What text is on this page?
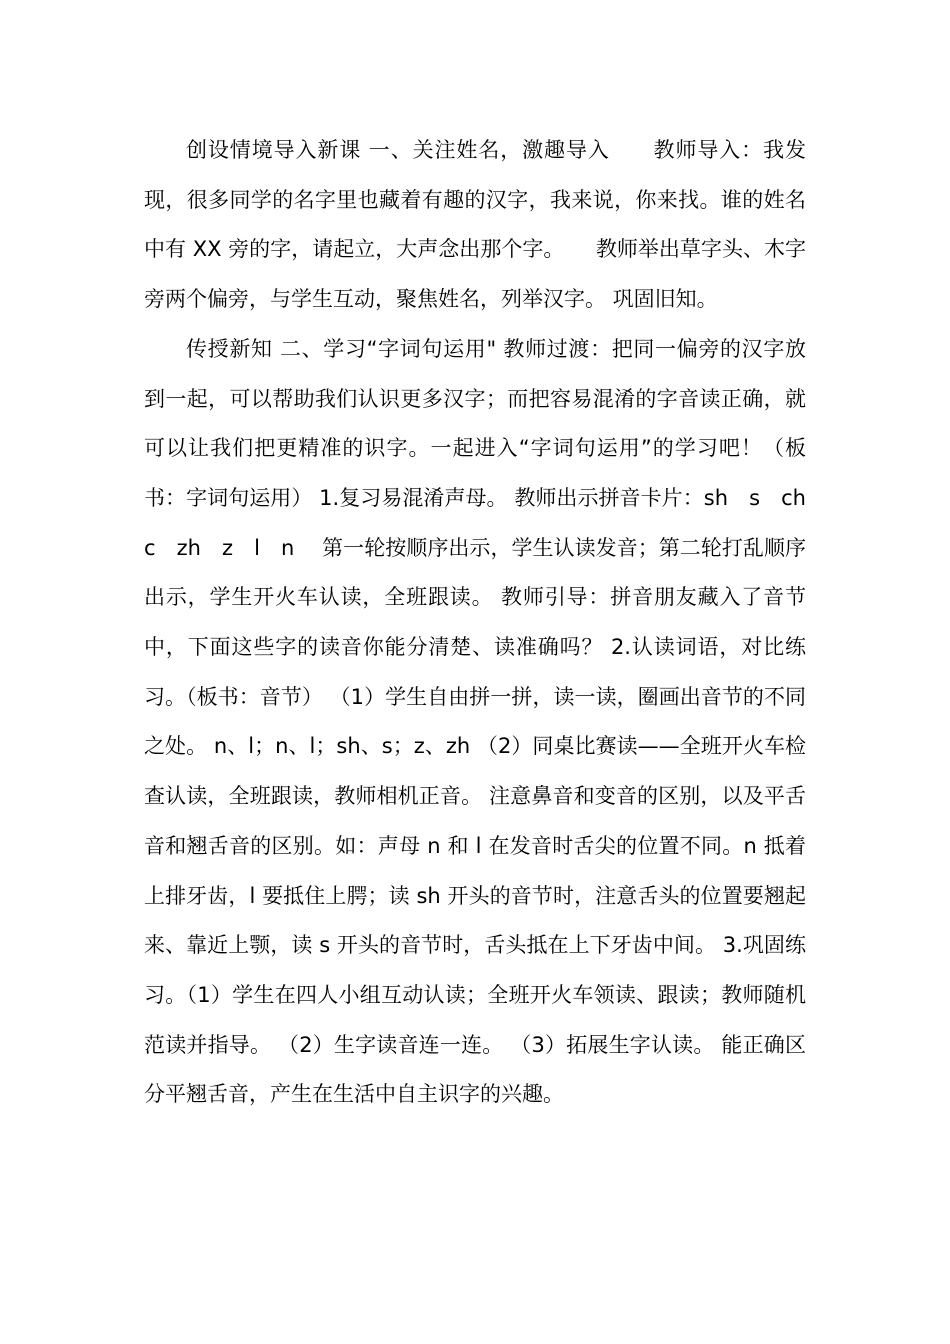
创设情境导入新课 一、关注姓名，激趣导入　　教师导入：我发现，很多同学的名字里也藏着有趣的汉字，我来说，你来找。谁的姓名中有 XX 旁的字，请起立，大声念出那个字。　　教师举出草字头、木字旁两个偏旁，与学生互动，聚焦姓名，列举汉字。 巩固旧知。

传授新知 二、学习“字词句运用" 教师过渡：把同一偏旁的汉字放到一起，可以帮助我们认识更多汉字；而把容易混淆的字音读正确，就可以让我们把更精准的识字。一起进入“字词句运用”的学习吧！（板书：字词句运用） 1.复习易混淆声母。 教师出示拼音卡片：sh　s　ch　c　zh　z　l　n　 第一轮按顺序出示，学生认读发音；第二轮打乱顺序出示，学生开火车认读，全班跟读。 教师引导：拼音朋友藏入了音节中，下面这些字的读音你能分清楚、读准确吗？ 2.认读词语，对比练习。（板书：音节） （1）学生自由拼一拼，读一读，圈画出音节的不同之处。 n、l；n、l；sh、s；z、zh （2）同桌比赛读——全班开火车检查认读，全班跟读，教师相机正音。 注意鼻音和变音的区别，以及平舌音和翘舌音的区别。如：声母 n 和 l 在发音时舌尖的位置不同。n 抵着上排牙齿，l 要抵住上腭；读 sh 开头的音节时，注意舌头的位置要翘起来、靠近上颚，读 s 开头的音节时，舌头抵在上下牙齿中间。 3.巩固练习。（1）学生在四人小组互动认读；全班开火车领读、跟读；教师随机范读并指导。 （2）生字读音连一连。 （3）拓展生字认读。 能正确区分平翘舌音，产生在生活中自主识字的兴趣。
